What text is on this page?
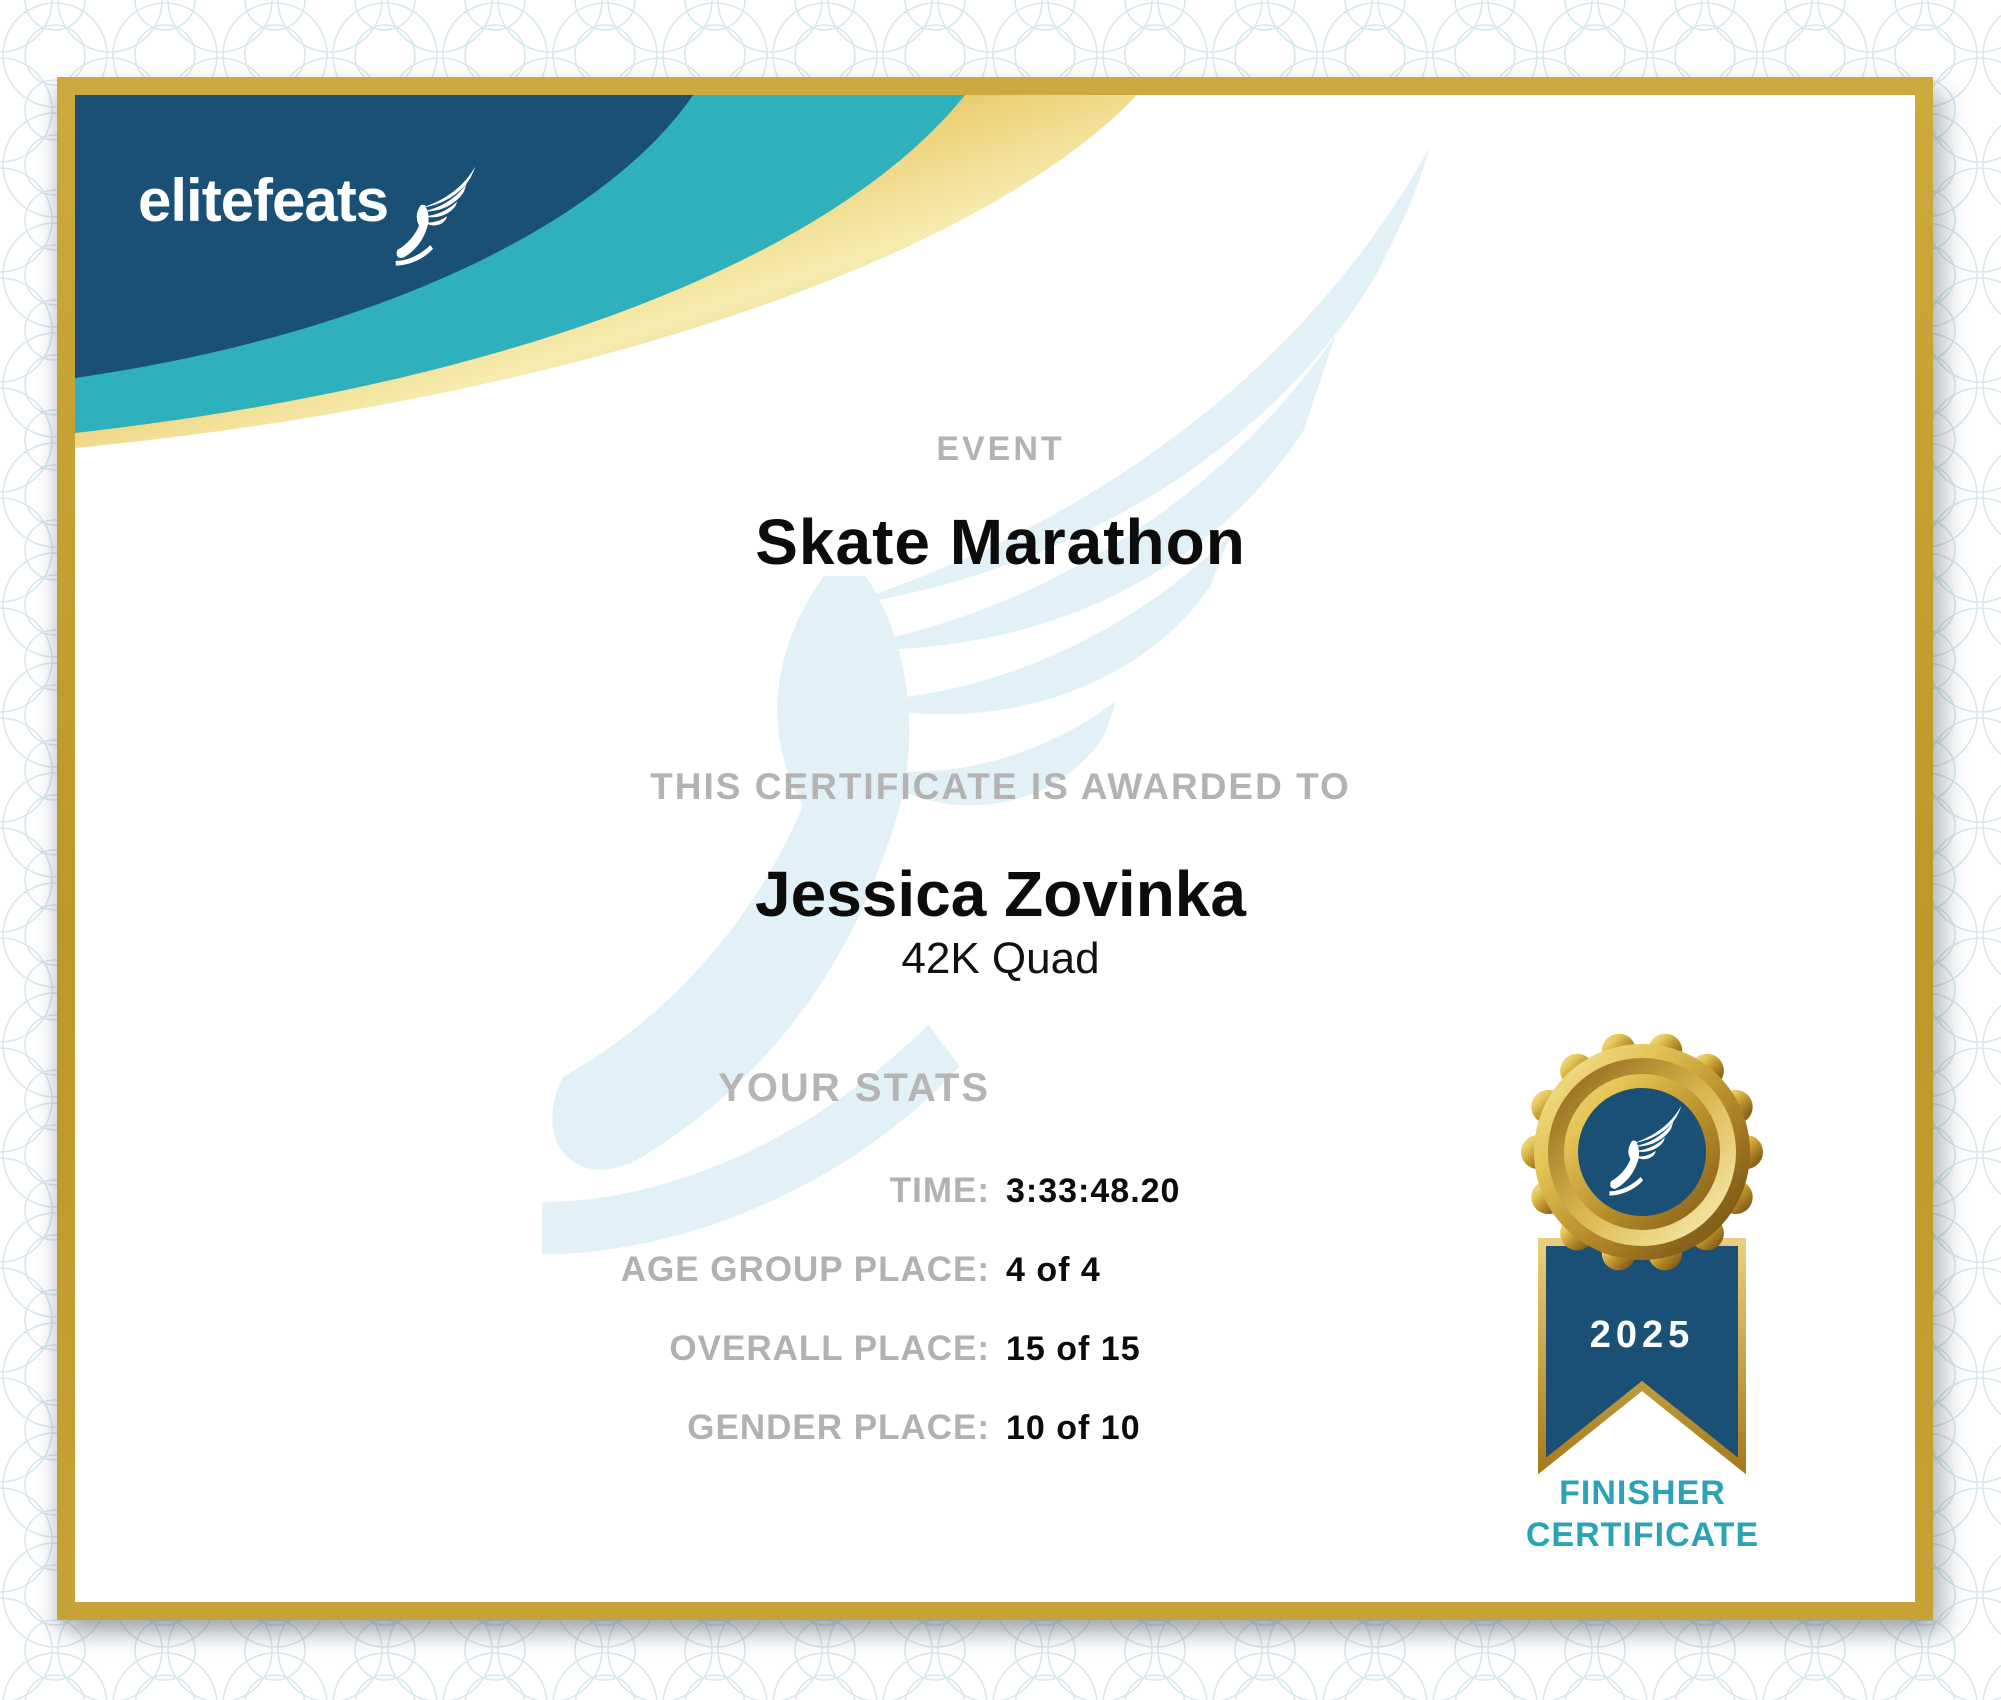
elitefeats
EVENT
Skate Marathon
THIS CERTIFICATE IS AWARDED TO
Jessica Zovinka
42K Quad
YOUR STATS
TIME: 3:33:48.20
AGE GROUP PLACE: 4 of 4
OVERALL PLACE: 15 of 15
GENDER PLACE: 10 of 10
2025
FINISHER
CERTIFICATE
